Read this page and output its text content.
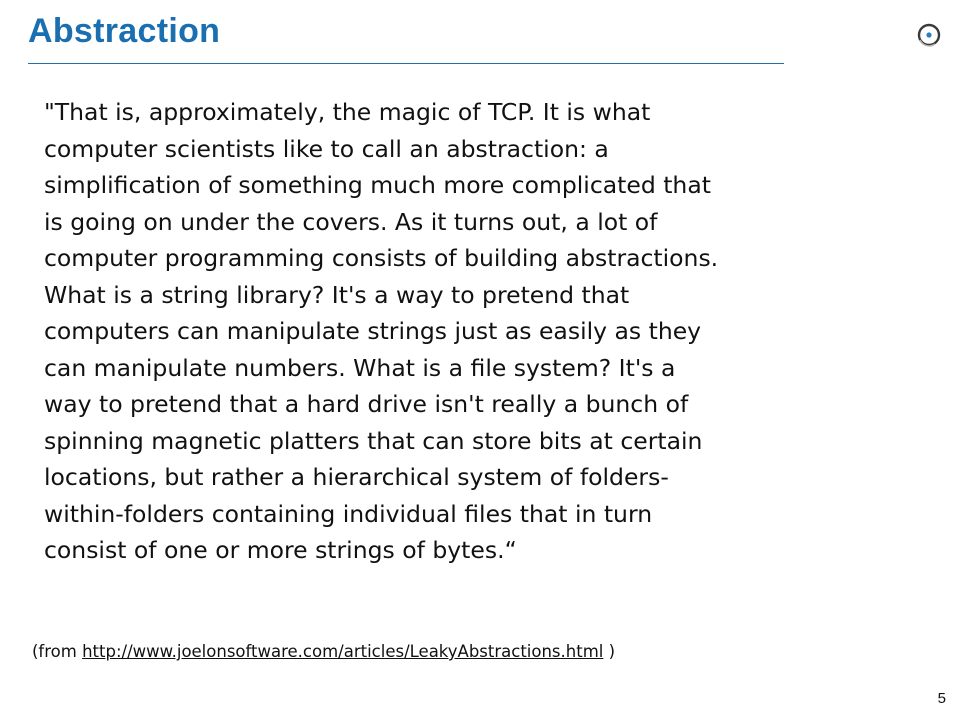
Abstraction

"That is, approximately, the magic of TCP. It is what
computer scientists like to call an abstraction: a
simplification of something much more complicated that
is going on under the covers. As it turns out, a lot of
computer programming consists of building abstractions.
What is a string library? It's a way to pretend that
computers can manipulate strings just as easily as they
can manipulate numbers. What is a file system? It's a
way to pretend that a hard drive isn't really a bunch of
spinning magnetic platters that can store bits at certain
locations, but rather a hierarchical system of folders-
within-folders containing individual files that in turn
consist of one or more strings of bytes.“

(from http://www.joelonsoftware.com/articles/LeakyAbstractions.html )
5
